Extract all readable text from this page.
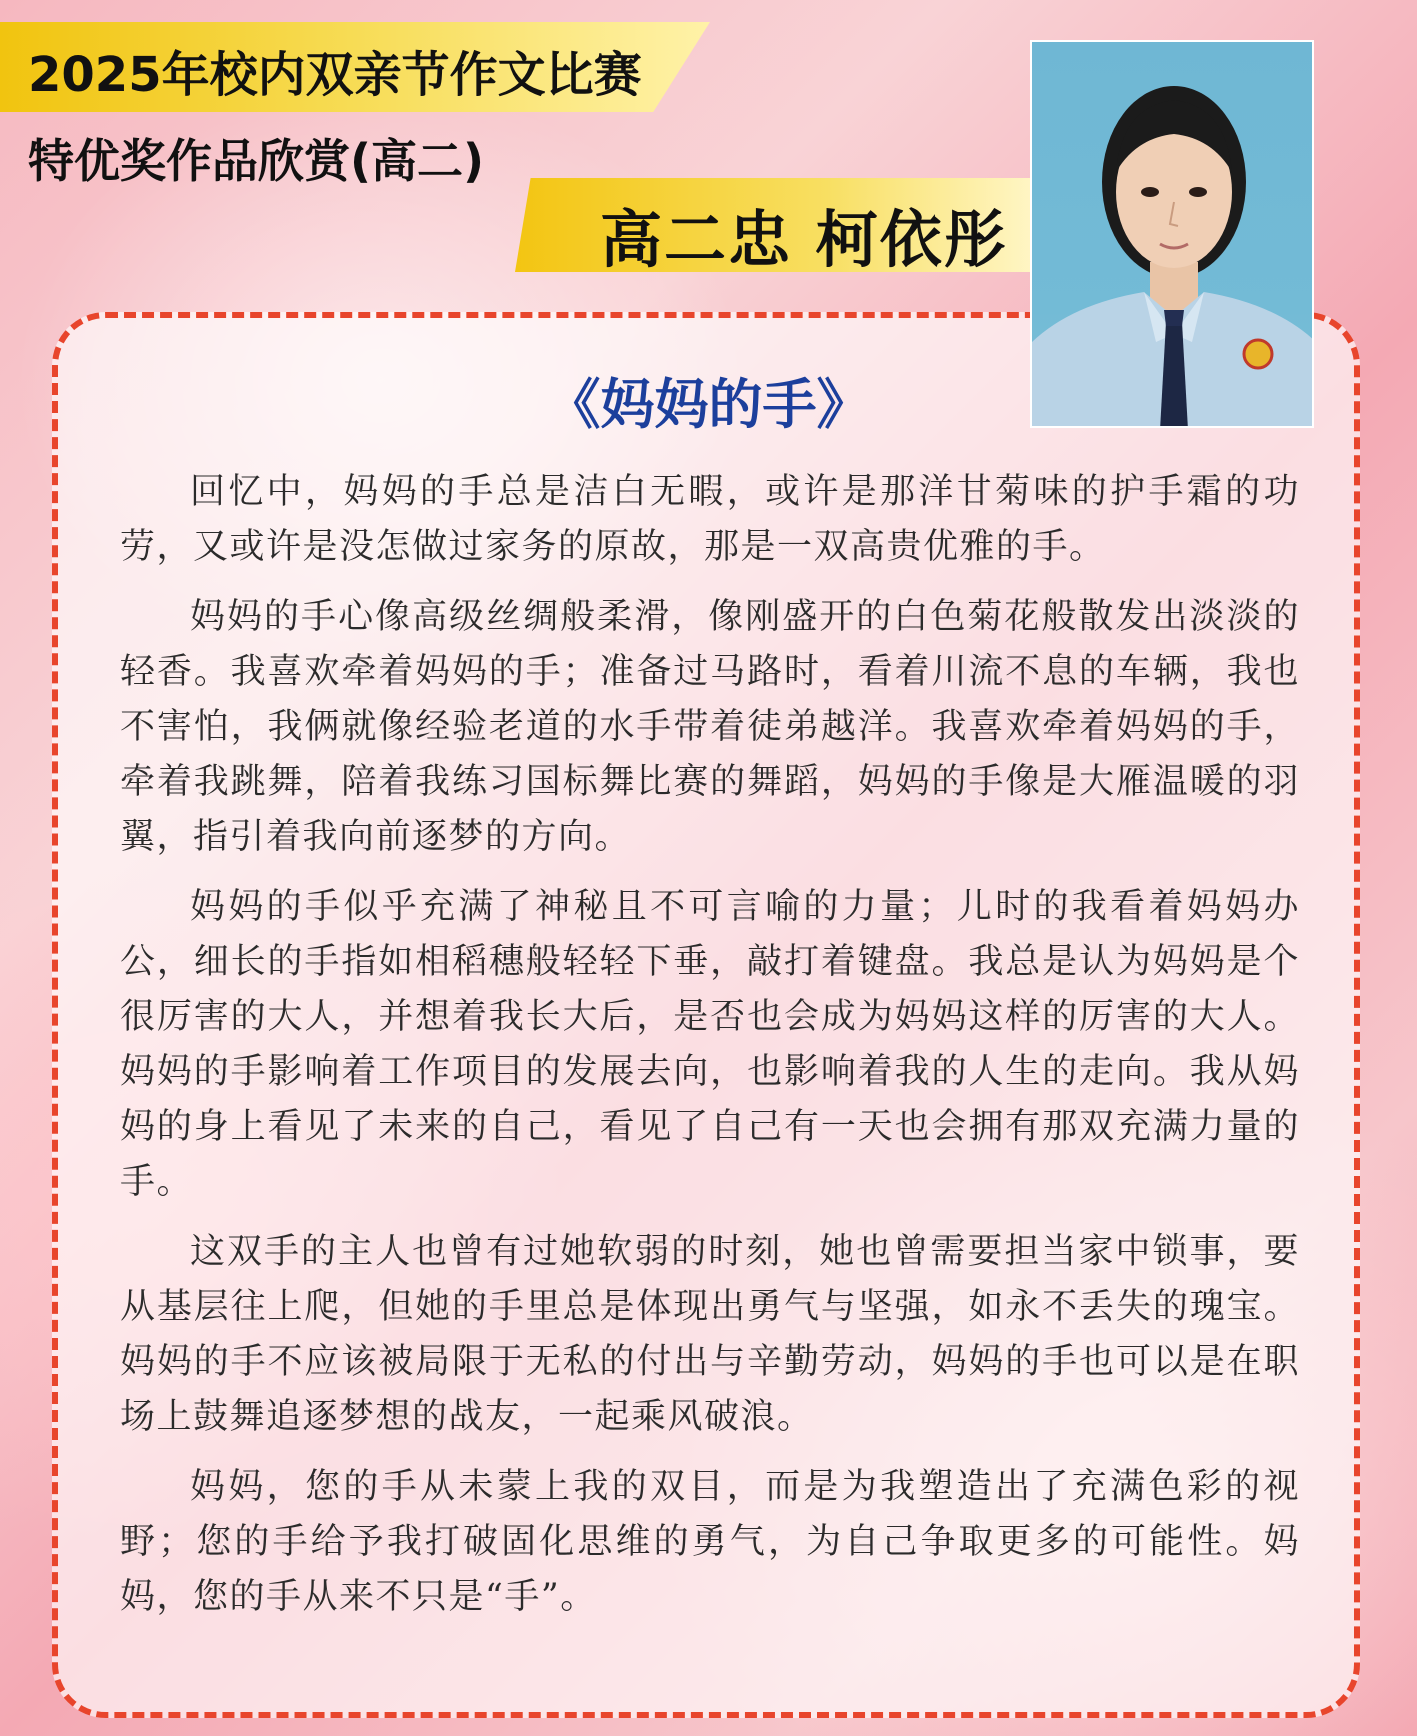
2025年校内双亲节作文比赛
特优奖作品欣赏(高二)
高二忠 柯依彤
《妈妈的手》

回忆中，妈妈的手总是洁白无暇，或许是那洋甘菊味的护手霜的功劳，又或许是没怎做过家务的原故，那是一双高贵优雅的手。

妈妈的手心像高级丝绸般柔滑，像刚盛开的白色菊花般散发出淡淡的轻香。我喜欢牵着妈妈的手；准备过马路时，看着川流不息的车辆，我也不害怕，我俩就像经验老道的水手带着徒弟越洋。我喜欢牵着妈妈的手，牵着我跳舞，陪着我练习国标舞比赛的舞蹈，妈妈的手像是大雁温暖的羽翼，指引着我向前逐梦的方向。

妈妈的手似乎充满了神秘且不可言喻的力量；儿时的我看着妈妈办公，细长的手指如相稻穗般轻轻下垂，敲打着键盘。我总是认为妈妈是个很厉害的大人，并想着我长大后，是否也会成为妈妈这样的厉害的大人。妈妈的手影响着工作项目的发展去向，也影响着我的人生的走向。我从妈妈的身上看见了未来的自己，看见了自己有一天也会拥有那双充满力量的手。

这双手的主人也曾有过她软弱的时刻，她也曾需要担当家中锁事，要从基层往上爬，但她的手里总是体现出勇气与坚强，如永不丢失的瑰宝。妈妈的手不应该被局限于无私的付出与辛勤劳动，妈妈的手也可以是在职场上鼓舞追逐梦想的战友，一起乘风破浪。

妈妈，您的手从未蒙上我的双目，而是为我塑造出了充满色彩的视野；您的手给予我打破固化思维的勇气，为自己争取更多的可能性。妈妈，您的手从来不只是“手”。
